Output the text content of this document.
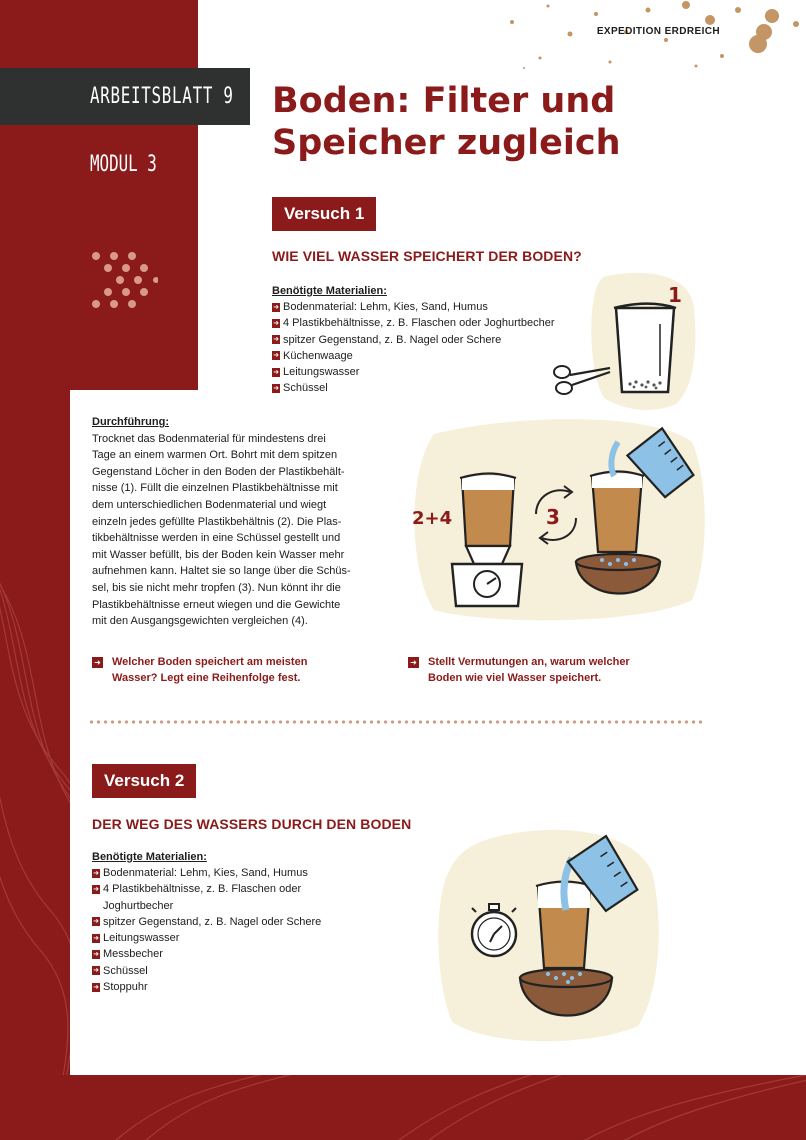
ARBEITSBLATT 9
MODUL 3
EXPEDITION ERDREICH
Boden: Filter und
Speicher zugleich
Versuch 1
WIE VIEL WASSER SPEICHERT DER BODEN?
Benötigte Materialien:
➜ Bodenmaterial: Lehm, Kies, Sand, Humus
➜ 4 Plastikbehältnisse, z. B. Flaschen oder Joghurtbecher
➜ spitzer Gegenstand, z. B. Nagel oder Schere
➜ Küchenwaage
➜ Leitungswasser
➜ Schüssel
1
Durchführung:
Trocknet das Bodenmaterial für mindestens drei
Tage an einem warmen Ort. Bohrt mit dem spitzen
Gegenstand Löcher in den Boden der Plastikbehält-
nisse (1). Füllt die einzelnen Plastikbehältnisse mit
dem unterschiedlichen Bodenmaterial und wiegt
einzeln jedes gefüllte Plastikbehältnis (2). Die Plas-
tikbehältnisse werden in eine Schüssel gestellt und
mit Wasser befüllt, bis der Boden kein Wasser mehr
aufnehmen kann. Haltet sie so lange über die Schüs-
sel, bis sie nicht mehr tropfen (3). Nun könnt ihr die
Plastikbehältnisse erneut wiegen und die Gewichte
mit den Ausgangsgewichten vergleichen (4).
2+4	3
➜ Welcher Boden speichert am meisten
Wasser? Legt eine Reihenfolge fest.
➜ Stellt Vermutungen an, warum welcher
Boden wie viel Wasser speichert.
Versuch 2
DER WEG DES WASSERS DURCH DEN BODEN
Benötigte Materialien:
➜ Bodenmaterial: Lehm, Kies, Sand, Humus
➜ 4 Plastikbehältnisse, z. B. Flaschen oder
Joghurtbecher
➜ spitzer Gegenstand, z. B. Nagel oder Schere
➜ Leitungswasser
➜ Messbecher
➜ Schüssel
➜ Stoppuhr
